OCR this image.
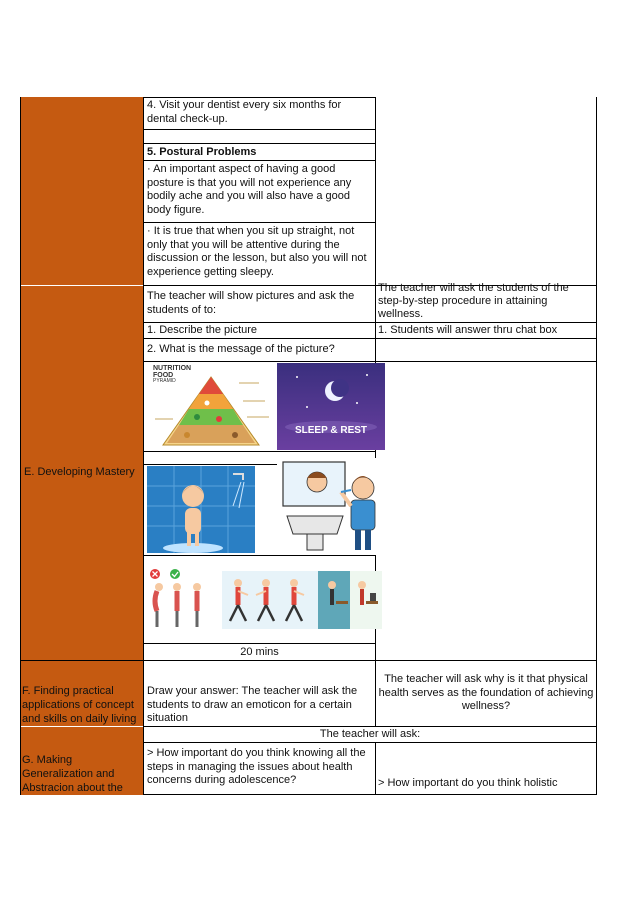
E. Developing Mastery
F. Finding practical applications of concept and skills on daily living
G. Making Generalization and Abstracion about the
4. Visit your dentist every six months for dental check-up.
5. Postural Problems
· An important aspect of having a good posture is that you will not experience any bodily ache and you will also have a good body figure.
· It is true that when you sit up straight, not only that you will be attentive during the discussion or the lesson, but also you will not experience getting sleepy.
The teacher will show pictures and ask the students of to:
The teacher will ask the students of the step-by-step procedure in attaining wellness.
1. Describe the picture	1. Students will answer thru chat box
2. What is the message of the picture?
NUTRITION
FOOD
PYRAMID
SLEEP & REST
20 mins
Draw your answer: The teacher will ask the students to draw an emoticon for a certain situation
The teacher will ask why is it that physical health serves as the foundation of achieving wellness?
The teacher will ask:
> How important do you think knowing all the steps in managing the issues about health concerns during adolescence?	> How important do you think holistic
